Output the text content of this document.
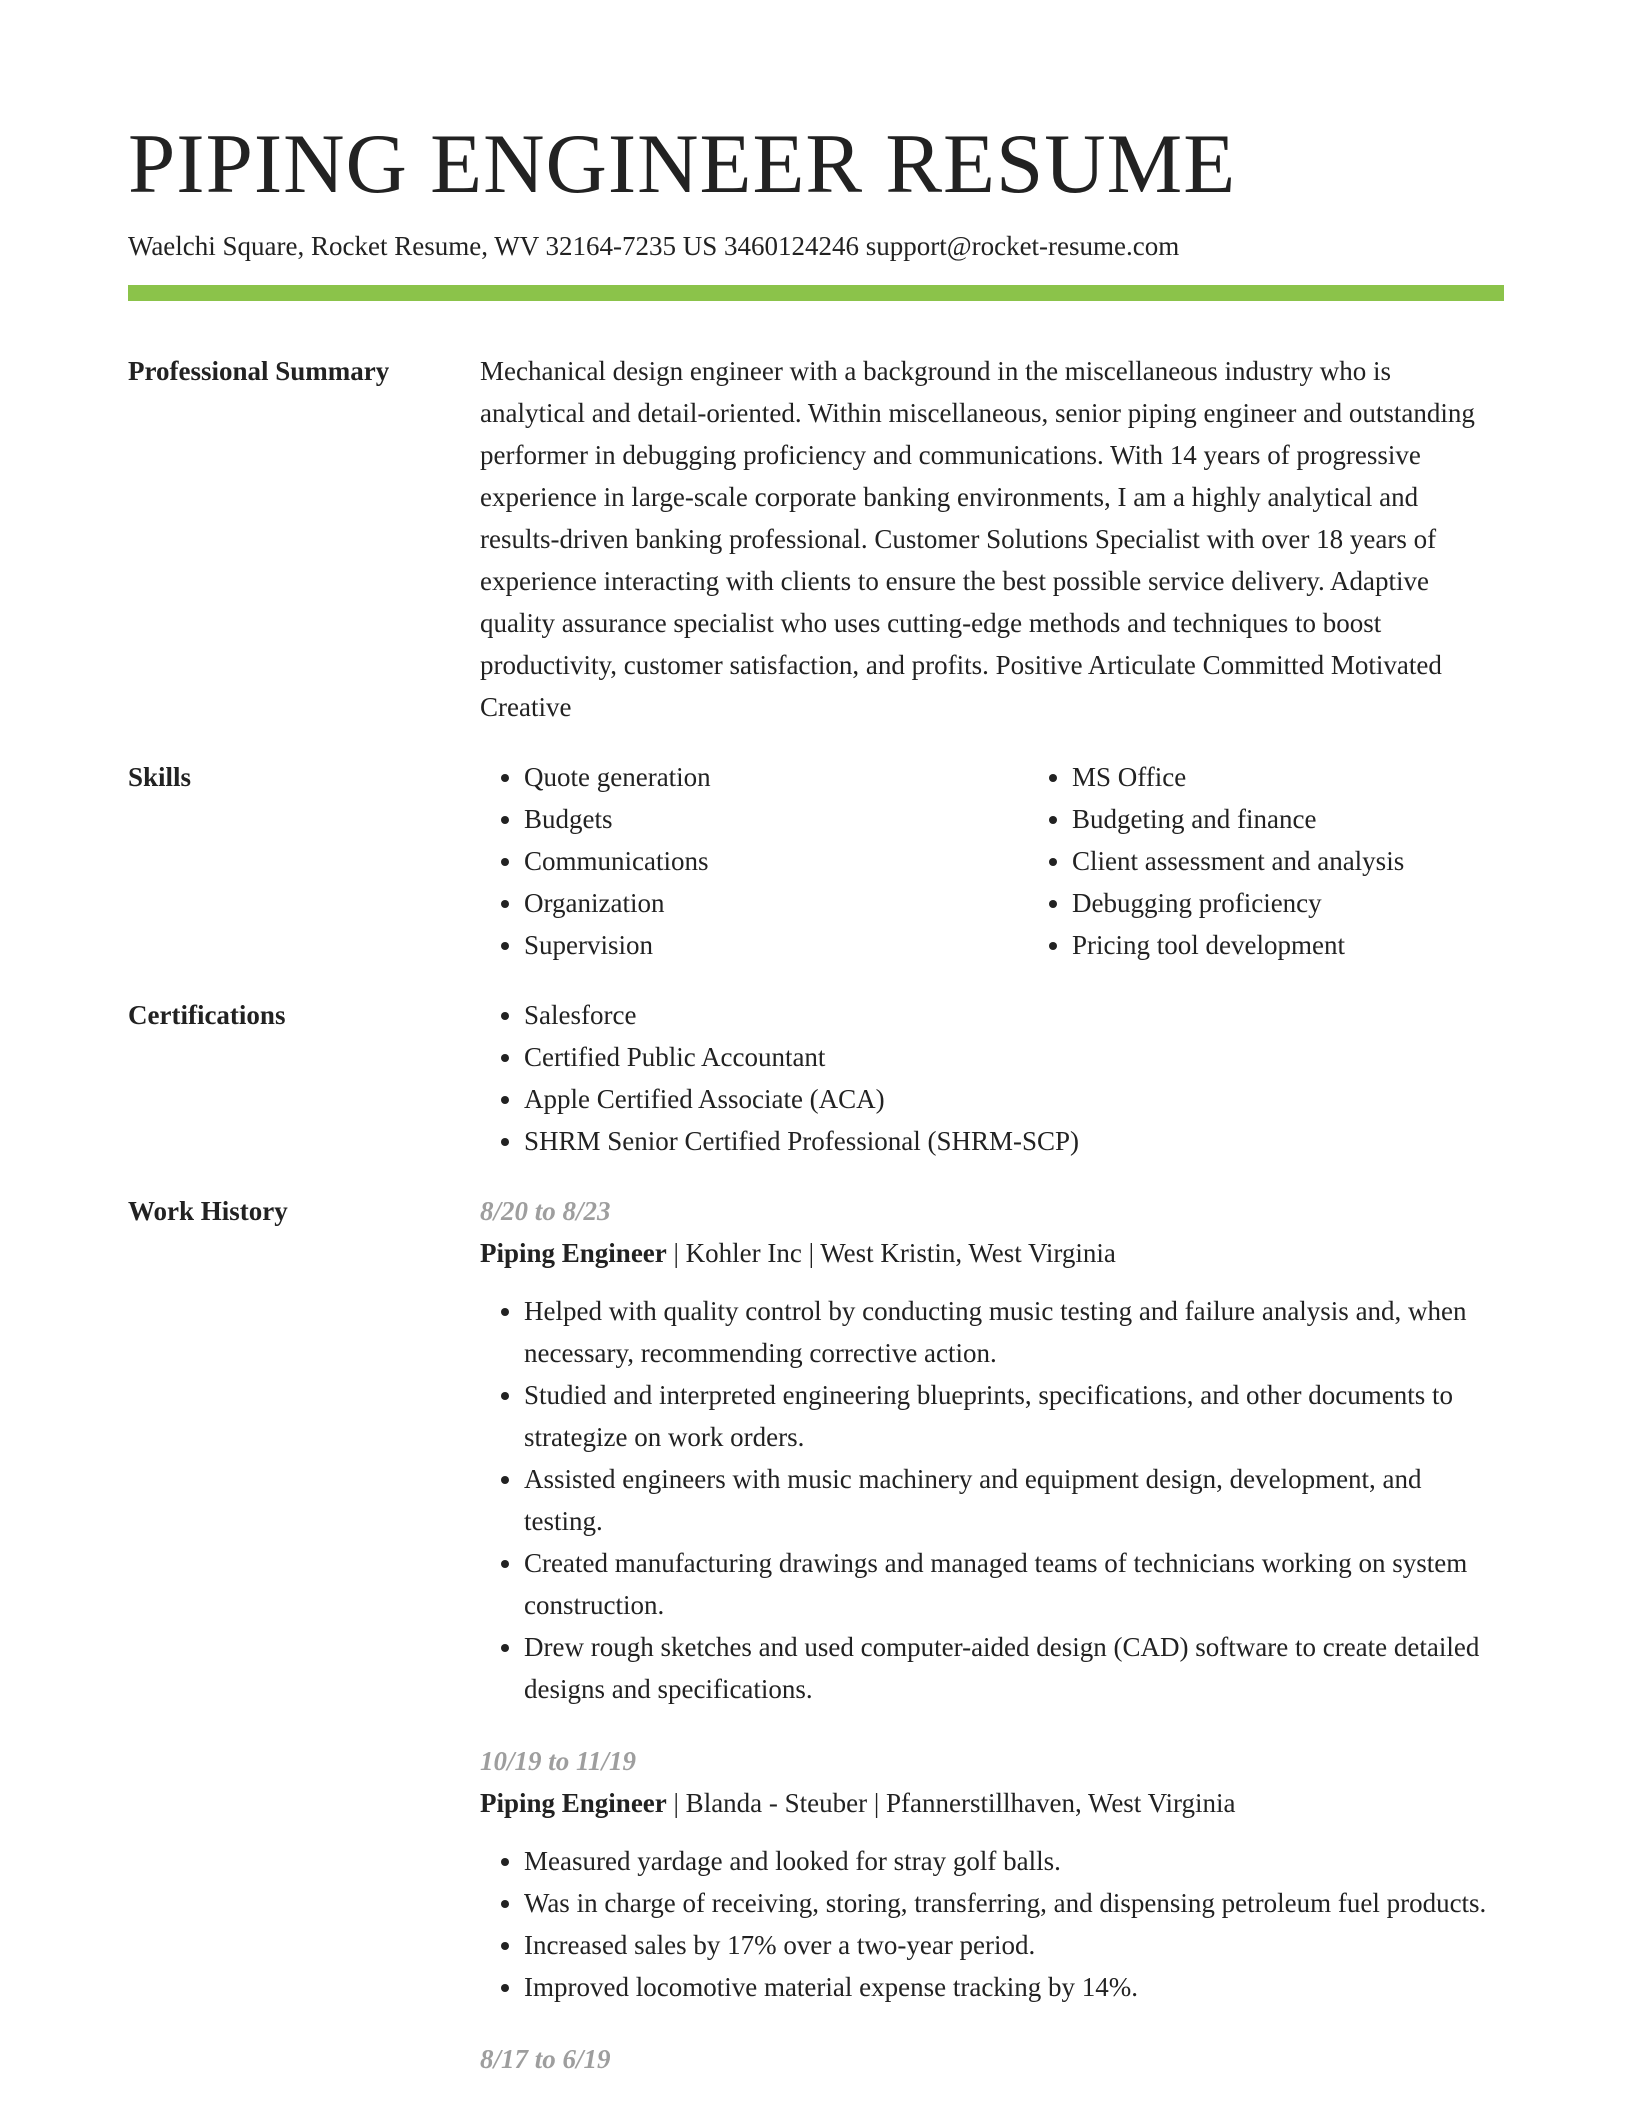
PIPING ENGINEER RESUME
Waelchi Square, Rocket Resume, WV 32164-7235 US 3460124246 support@rocket-resume.com
Professional Summary	Mechanical design engineer with a background in the miscellaneous industry who is analytical and detail-oriented. Within miscellaneous, senior piping engineer and outstanding performer in debugging proficiency and communications. With 14 years of progressive experience in large-scale corporate banking environments, I am a highly analytical and results-driven banking professional. Customer Solutions Specialist with over 18 years of experience interacting with clients to ensure the best possible service delivery. Adaptive quality assurance specialist who uses cutting-edge methods and techniques to boost productivity, customer satisfaction, and profits. Positive Articulate Committed Motivated Creative

Skills	• Quote generation
• Budgets
• Communications
• Organization
• Supervision
• MS Office
• Budgeting and finance
• Client assessment and analysis
• Debugging proficiency
• Pricing tool development
Certifications	• Salesforce
• Certified Public Accountant
• Apple Certified Associate (ACA)
• SHRM Senior Certified Professional (SHRM-SCP)
Work History	8/20 to 8/23
Piping Engineer | Kohler Inc | West Kristin, West Virginia
• Helped with quality control by conducting music testing and failure analysis and, when necessary, recommending corrective action.
• Studied and interpreted engineering blueprints, specifications, and other documents to strategize on work orders.
• Assisted engineers with music machinery and equipment design, development, and testing.
• Created manufacturing drawings and managed teams of technicians working on system construction.
• Drew rough sketches and used computer-aided design (CAD) software to create detailed designs and specifications.
10/19 to 11/19
Piping Engineer | Blanda - Steuber | Pfannerstillhaven, West Virginia
• Measured yardage and looked for stray golf balls.
• Was in charge of receiving, storing, transferring, and dispensing petroleum fuel products.
• Increased sales by 17% over a two-year period.
• Improved locomotive material expense tracking by 14%.
8/17 to 6/19
